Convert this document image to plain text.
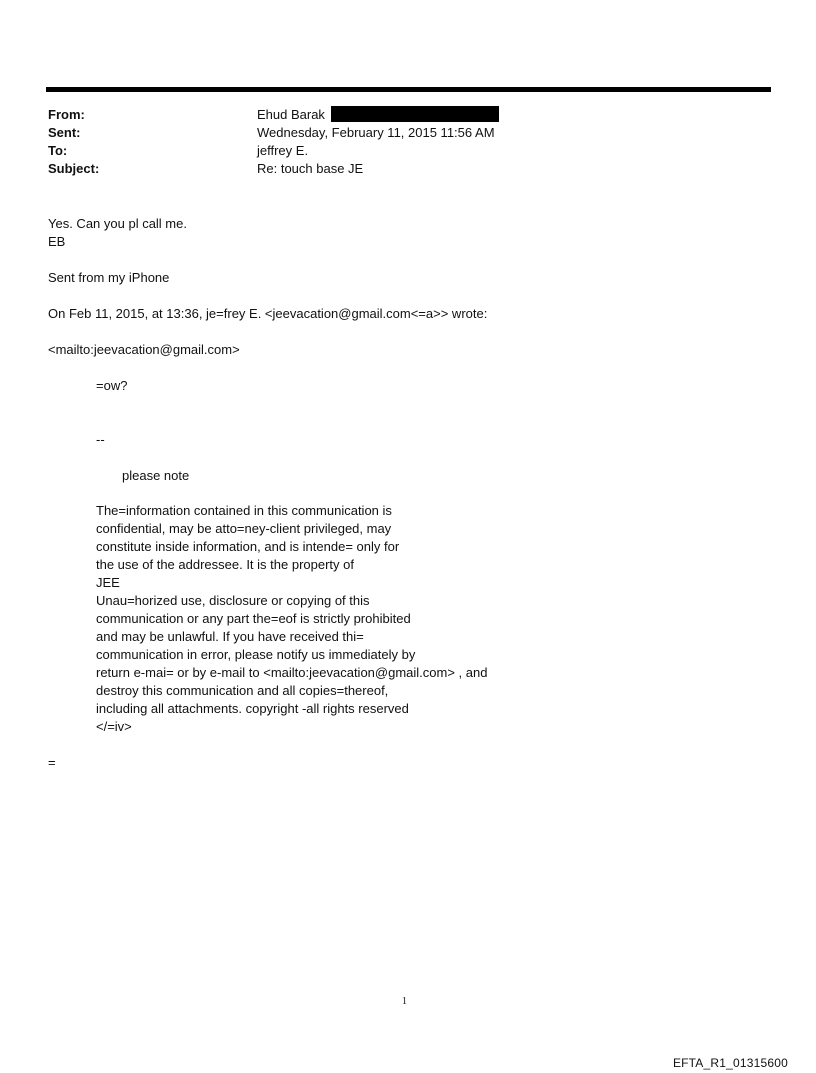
From:	Ehud Barak
Sent:	Wednesday, February 11, 2015 11:56 AM
To:	jeffrey E.
Subject:	Re: touch base JE
Yes. Can you pl call me.
EB
Sent from my iPhone
On Feb 11, 2015, at 13:36, je=frey E. <jeevacation@gmail.com<=a>> wrote:
<mailto:jeevacation@gmail.com>
=ow?
--
please note
The=information contained in this communication is
confidential, may be atto=ney-client privileged, may
constitute inside information, and is intende= only for
the use of the addressee. It is the property of
JEE
Unau=horized use, disclosure or copying of this
communication or any part the=eof is strictly prohibited
and may be unlawful. If you have received thi=
communication in error, please notify us immediately by
return e-mai= or by e-mail to <mailto:jeevacation@gmail.com> , and
destroy this communication and all copies=thereof,
including all attachments. copyright -all rights reserved
</=iv>
=
1
EFTA_R1_01315600
